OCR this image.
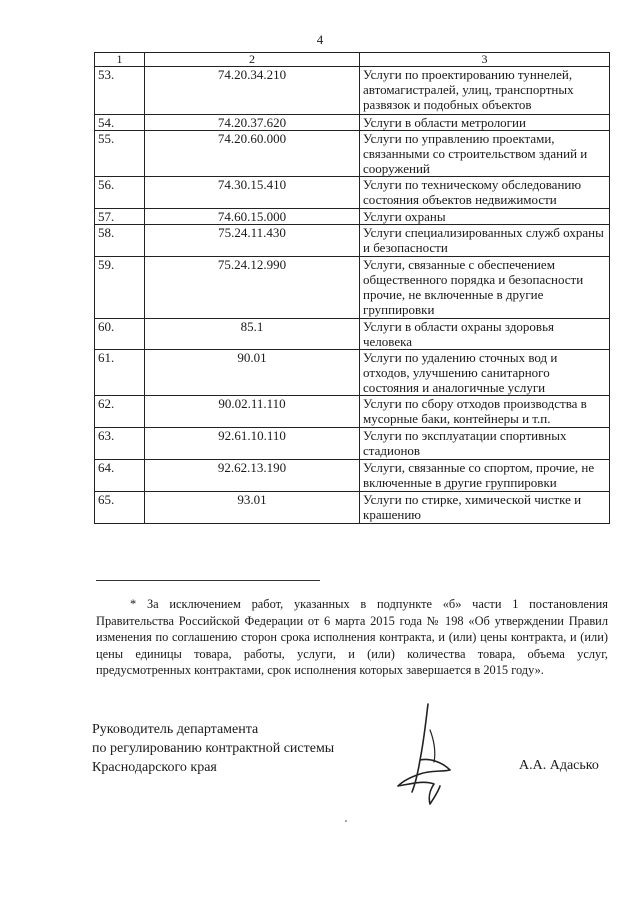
4
1	2	3
53.	74.20.34.210	Услуги по проектированию туннелей, автомагистралей, улиц, транспортных развязок и подобных объектов
54.	74.20.37.620	Услуги в области метрологии
55.	74.20.60.000	Услуги по управлению проектами, связанными со строительством зданий и сооружений
56.	74.30.15.410	Услуги по техническому обследованию состояния объектов недвижимости
57.	74.60.15.000	Услуги охраны
58.	75.24.11.430	Услуги специализированных служб охраны и безопасности
59.	75.24.12.990	Услуги, связанные с обеспечением общественного порядка и безопасности прочие, не включенные в другие группировки
60.	85.1	Услуги в области охраны здоровья человека
61.	90.01	Услуги по удалению сточных вод и отходов, улучшению санитарного состояния и аналогичные услуги
62.	90.02.11.110	Услуги по сбору отходов производства в мусорные баки, контейнеры и т.п.
63.	92.61.10.110	Услуги по эксплуатации спортивных стадионов
64.	92.62.13.190	Услуги, связанные со спортом, прочие, не включенные в другие группировки
65.	93.01	Услуги по стирке, химической чистке и крашению
* За исключением работ, указанных в подпункте «б» части 1 постановления Правительства Российской Федерации от 6 марта 2015 года № 198 «Об утверждении Правил изменения по соглашению сторон срока исполнения контракта, и (или) цены контракта, и (или) цены единицы товара, работы, услуги, и (или) количества товара, объема услуг, предусмотренных контрактами, срок исполнения которых завершается в 2015 году».
Руководитель департамента
по регулированию контрактной системы
Краснодарского края	А.А. Адасько
